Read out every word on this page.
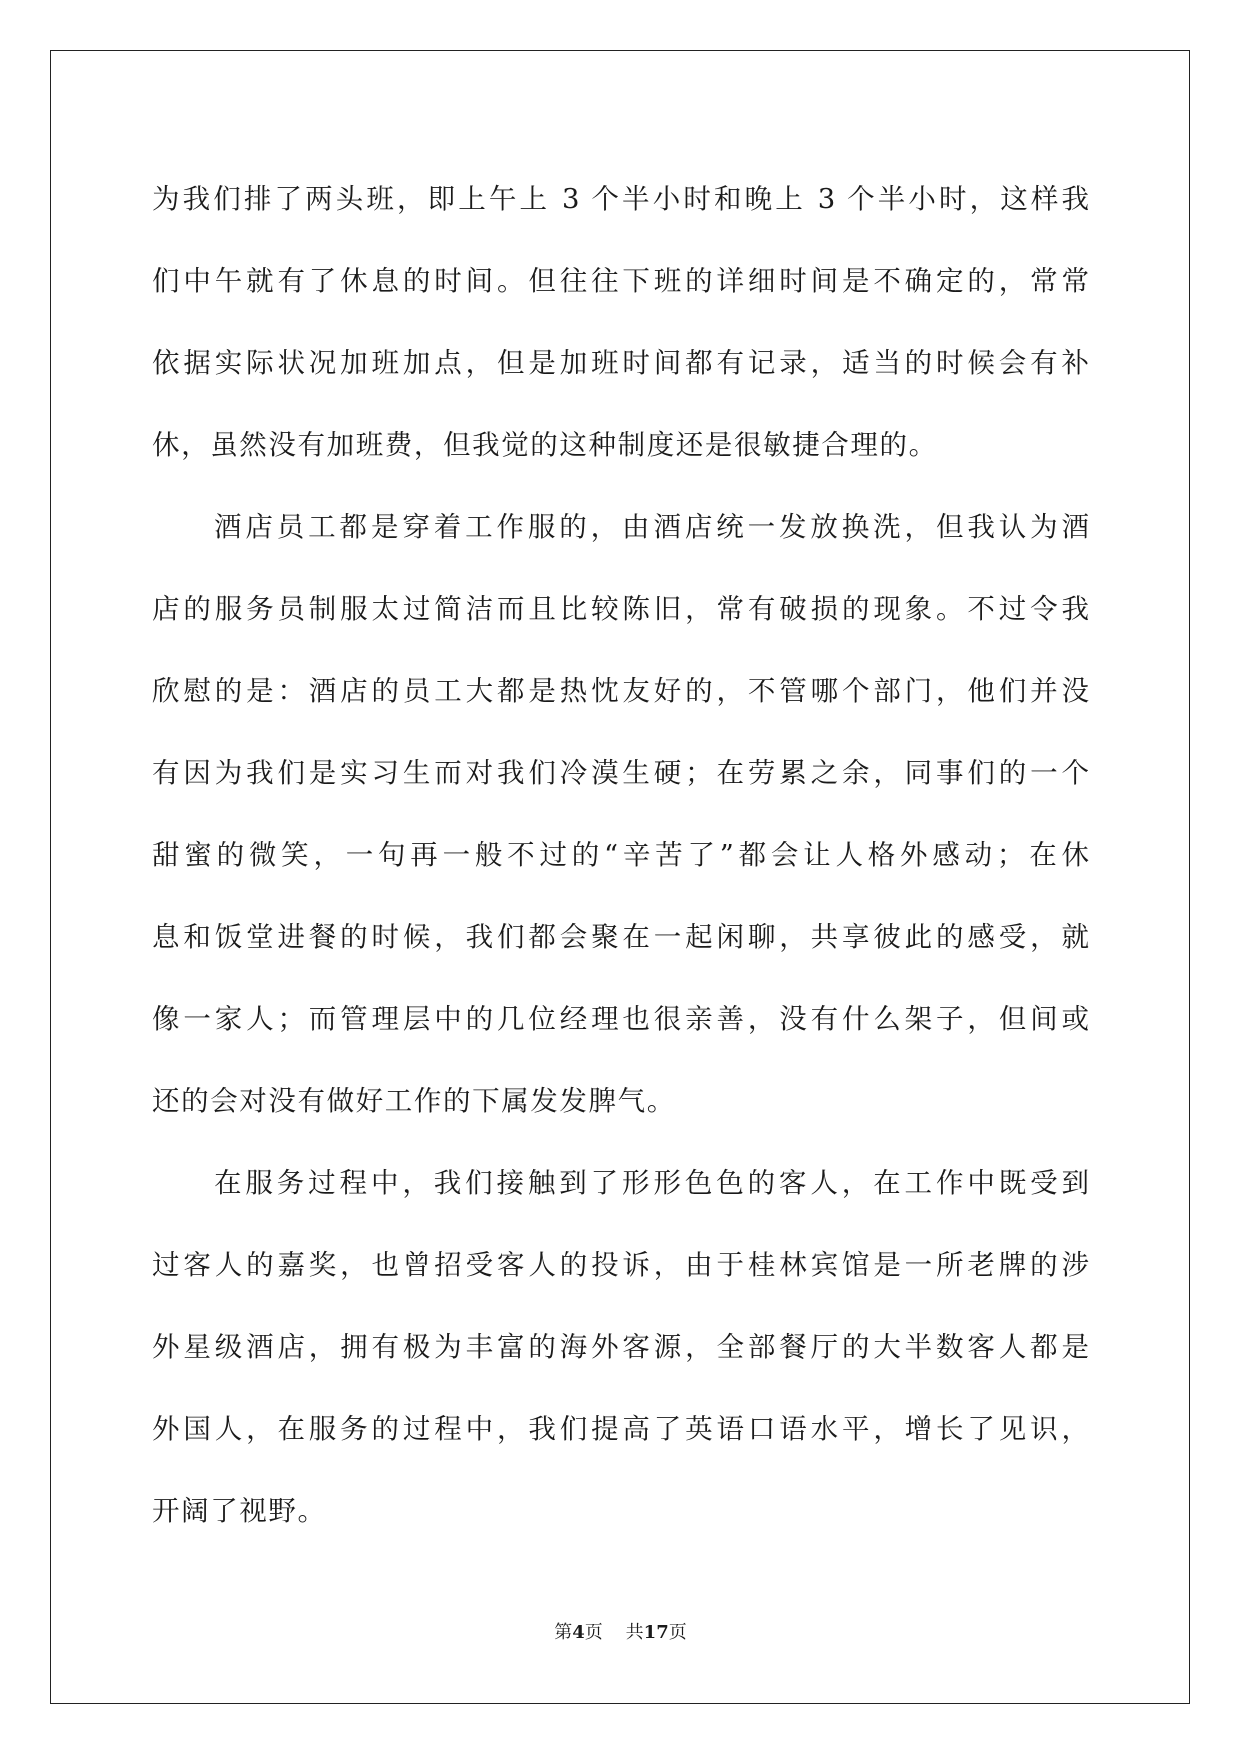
为我们排了两头班，即上午上 3 个半小时和晚上 3 个半小时，这样我
们中午就有了休息的时间。但往往下班的详细时间是不确定的，常常
依据实际状况加班加点，但是加班时间都有记录，适当的时候会有补
休，虽然没有加班费，但我觉的这种制度还是很敏捷合理的。
酒店员工都是穿着工作服的，由酒店统一发放换洗，但我认为酒
店的服务员制服太过简洁而且比较陈旧，常有破损的现象。不过令我
欣慰的是：酒店的员工大都是热忱友好的，不管哪个部门，他们并没
有因为我们是实习生而对我们冷漠生硬；在劳累之余，同事们的一个
甜蜜的微笑，一句再一般不过的“辛苦了”都会让人格外感动；在休
息和饭堂进餐的时候，我们都会聚在一起闲聊，共享彼此的感受，就
像一家人；而管理层中的几位经理也很亲善，没有什么架子，但间或
还的会对没有做好工作的下属发发脾气。
在服务过程中，我们接触到了形形色色的客人，在工作中既受到
过客人的嘉奖，也曾招受客人的投诉，由于桂林宾馆是一所老牌的涉
外星级酒店，拥有极为丰富的海外客源，全部餐厅的大半数客人都是
外国人，在服务的过程中，我们提高了英语口语水平，增长了见识，
开阔了视野。
第4页 共17页
